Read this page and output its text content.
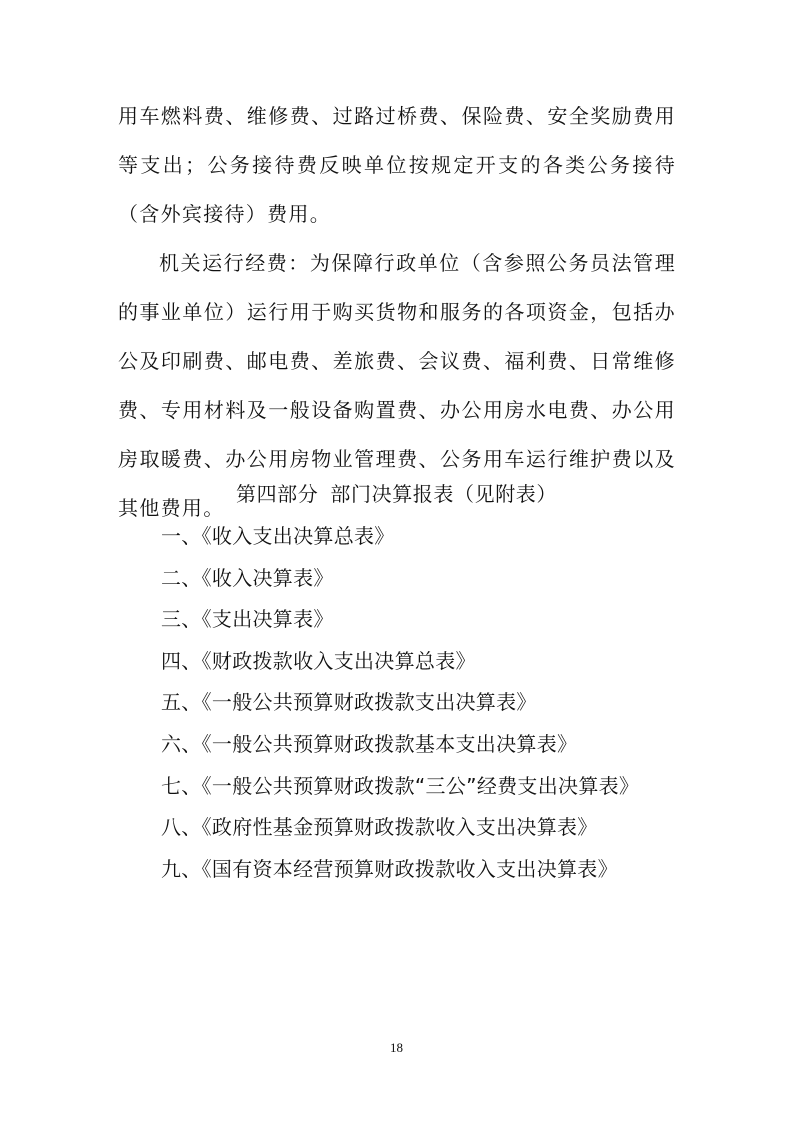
用车燃料费、维修费、过路过桥费、保险费、安全奖励费用等支出；公务接待费反映单位按规定开支的各类公务接待（含外宾接待）费用。

机关运行经费：为保障行政单位（含参照公务员法管理的事业单位）运行用于购买货物和服务的各项资金，包括办公及印刷费、邮电费、差旅费、会议费、福利费、日常维修费、专用材料及一般设备购置费、办公用房水电费、办公用房取暖费、办公用房物业管理费、公务用车运行维护费以及其他费用。

第四部分 部门决算报表（见附表）
一、《收入支出决算总表》
二、《收入决算表》
三、《支出决算表》
四、《财政拨款收入支出决算总表》
五、《一般公共预算财政拨款支出决算表》
六、《一般公共预算财政拨款基本支出决算表》
七、《一般公共预算财政拨款“三公”经费支出决算表》
八、《政府性基金预算财政拨款收入支出决算表》
九、《国有资本经营预算财政拨款收入支出决算表》
18
